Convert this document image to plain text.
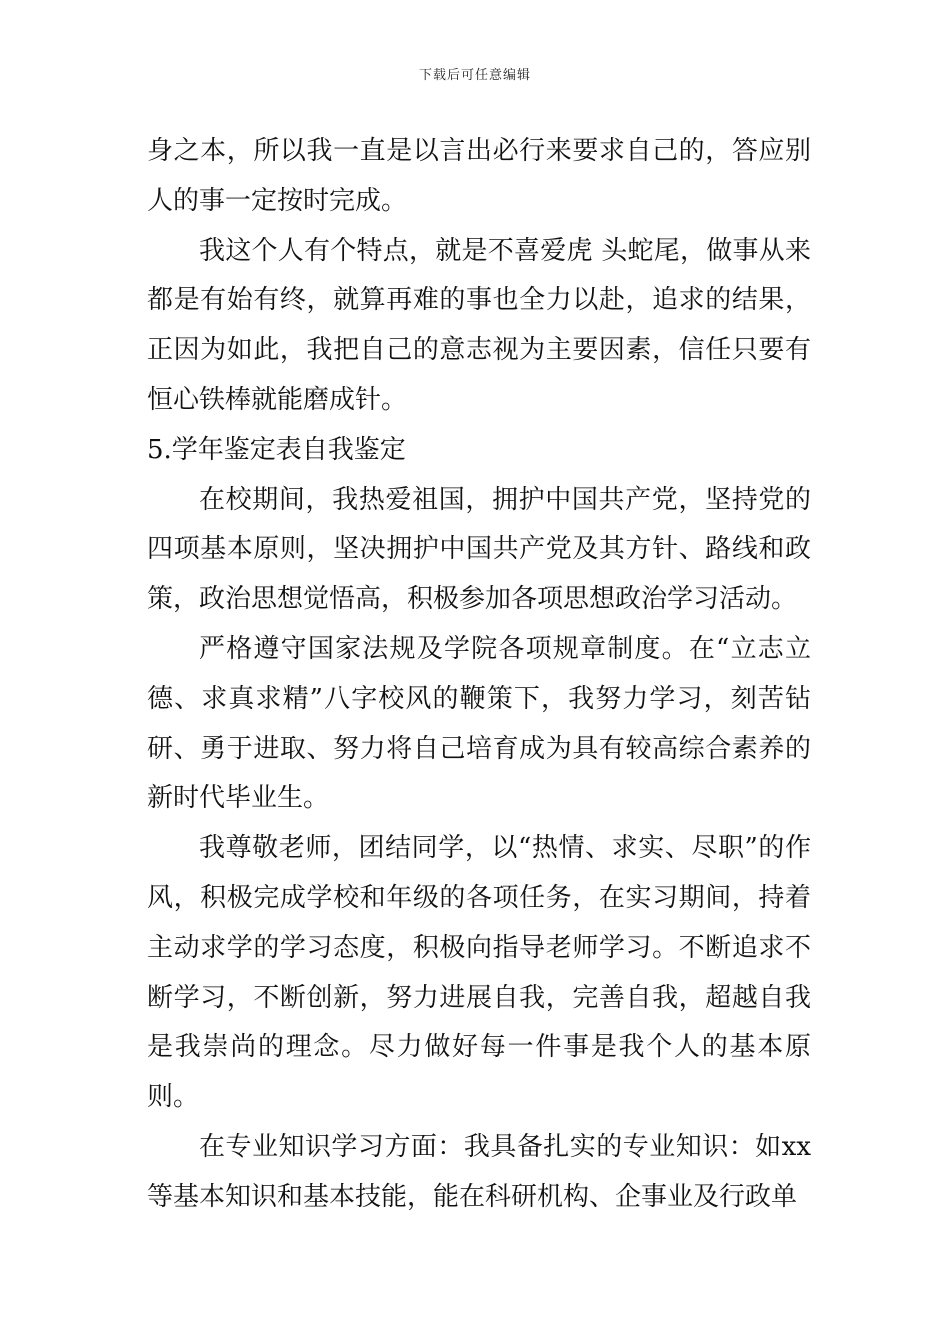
下载后可任意编辑

身之本，所以我一直是以言出必行来要求自己的，答应别人的事一定按时完成。

我这个人有个特点，就是不喜爱虎 头蛇尾，做事从来都是有始有终，就算再难的事也全力以赴，追求的结果，正因为如此，我把自己的意志视为主要因素，信任只要有恒心铁棒就能磨成针。

5.学年鉴定表自我鉴定

在校期间，我热爱祖国，拥护中国共产党，坚持党的四项基本原则，坚决拥护中国共产党及其方针、路线和政策，政治思想觉悟高，积极参加各项思想政治学习活动。

严格遵守国家法规及学院各项规章制度。在“立志立德、求真求精”八字校风的鞭策下，我努力学习，刻苦钻研、勇于进取、努力将自己培育成为具有较高综合素养的新时代毕业生。

我尊敬老师，团结同学，以“热情、求实、尽职”的作风，积极完成学校和年级的各项任务，在实习期间，持着主动求学的学习态度，积极向指导老师学习。不断追求不断学习，不断创新，努力进展自我，完善自我，超越自我是我崇尚的理念。尽力做好每一件事是我个人的基本原则。

在专业知识学习方面：我具备扎实的专业知识：如xx等基本知识和基本技能，能在科研机构、企事业及行政单
